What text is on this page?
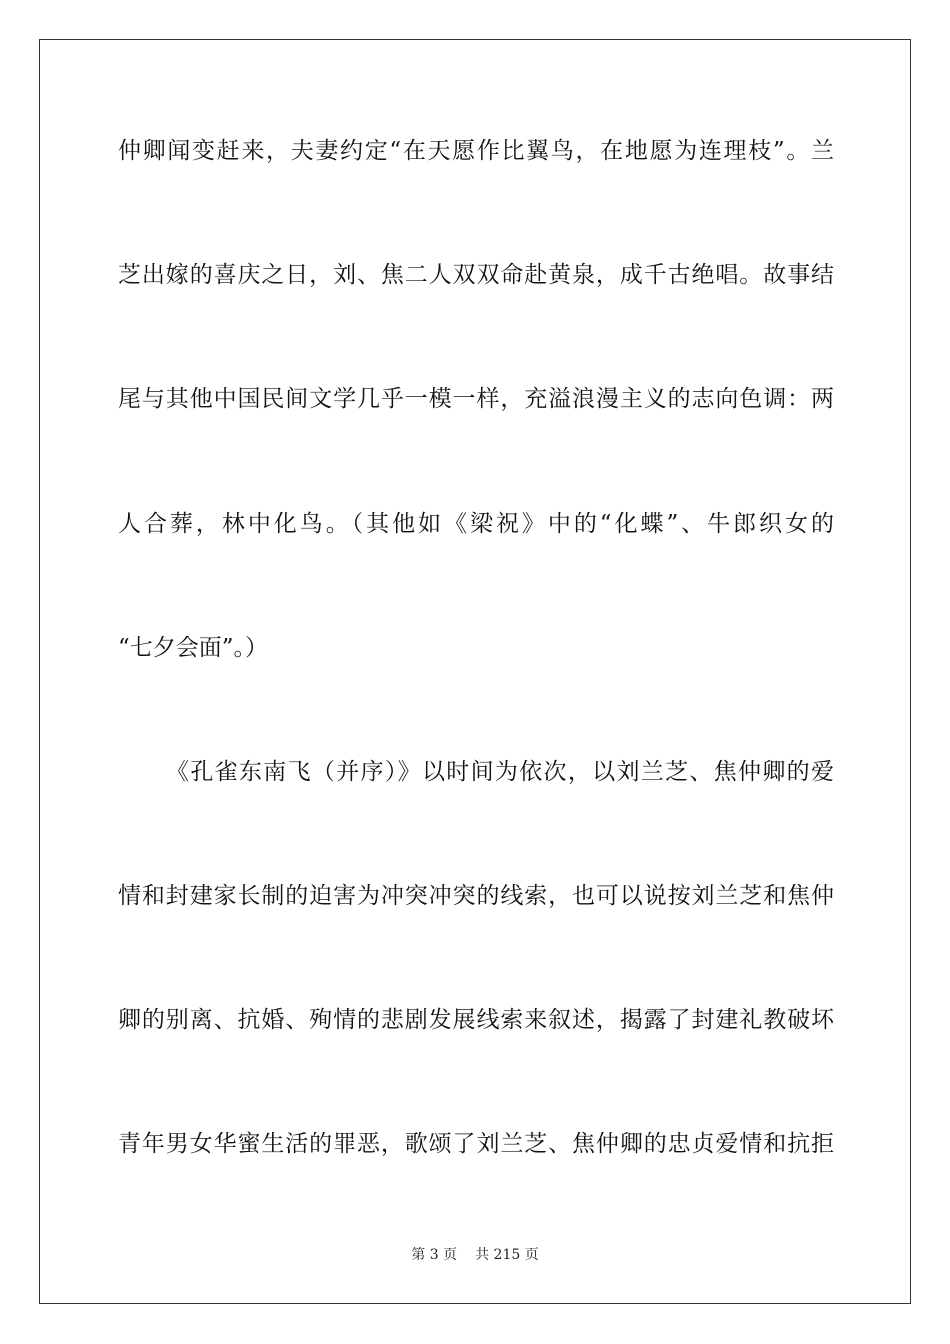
仲卿闻变赶来，夫妻约定“在天愿作比翼鸟，在地愿为连理枝”。兰
芝出嫁的喜庆之日，刘、焦二人双双命赴黄泉，成千古绝唱。故事结
尾与其他中国民间文学几乎一模一样，充溢浪漫主义的志向色调：两
人合葬，林中化鸟。（其他如《梁祝》中的“化蝶”、牛郎织女的
“七夕会面”。）
《孔雀东南飞（并序）》以时间为依次，以刘兰芝、焦仲卿的爱
情和封建家长制的迫害为冲突冲突的线索，也可以说按刘兰芝和焦仲
卿的别离、抗婚、殉情的悲剧发展线索来叙述，揭露了封建礼教破坏
青年男女华蜜生活的罪恶，歌颂了刘兰芝、焦仲卿的忠贞爱情和抗拒
第 3 页 共 215 页
